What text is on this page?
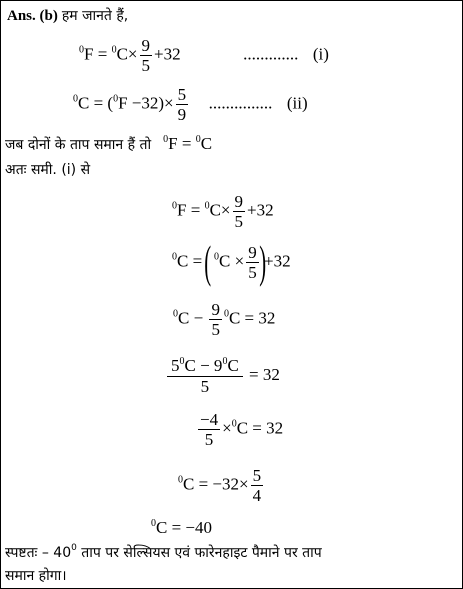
Ans. (b) हम जानते हैं,
$^0F = ^0C\times \frac{9}{5} +32$	............. (i)
$^0C = (^0F -32)\times \frac{5}{9}$ ............... (ii)
जब दोनों के ताप समान हैं तो $^0$F = $^0$C
अतः समी. (i) से
$^0F = ^0C\times \frac{9}{5} +32$
$^0$C = ( $^0C \times \frac{9}{5} )+32$
$^0C - \frac{9}{5} ^0C = 32$
$\frac{5^0C - 9^0C}{5} = 32$
$\frac{-4}{5} \times^0C = 32$
$^0C = -32\times \frac{5}{4}$
$^0$C = −40
स्पष्टतः – $40^0$ ताप पर सेल्सियस एवं फारेनहाइट पैमाने पर ताप
समान होगा।
